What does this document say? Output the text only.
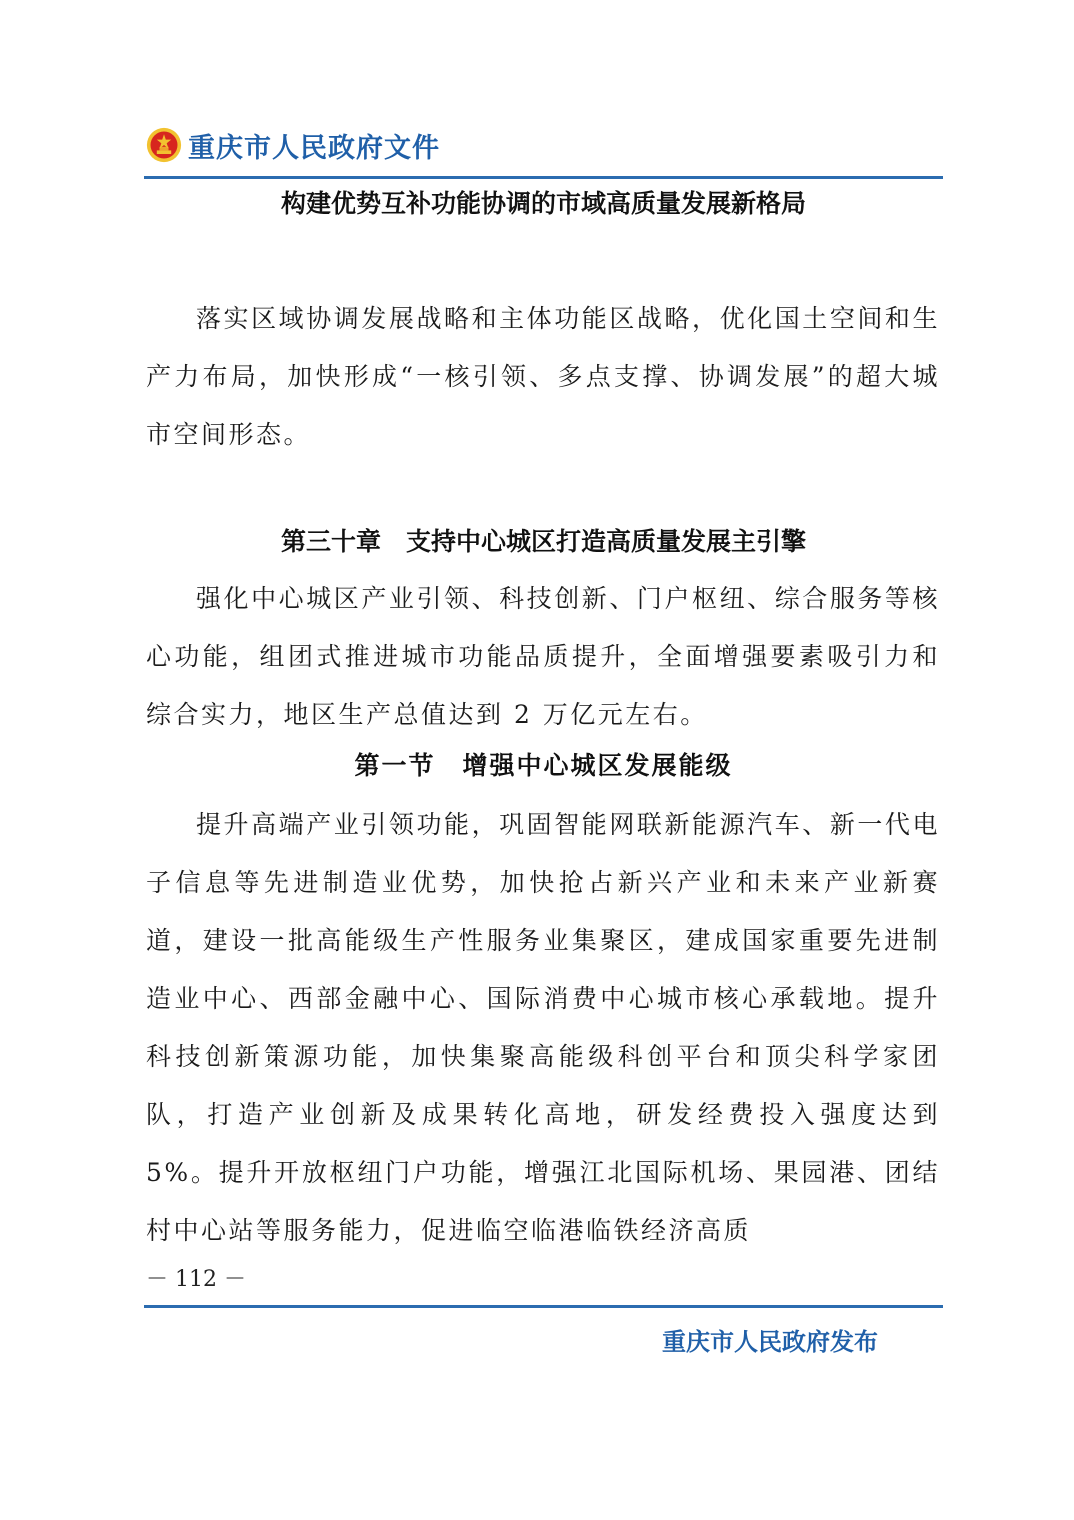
重庆市人民政府文件
构建优势互补功能协调的市域高质量发展新格局

落实区域协调发展战略和主体功能区战略，优化国土空间和生产力布局，加快形成“一核引领、多点支撑、协调发展”的超大城市空间形态。

第三十章　支持中心城区打造高质量发展主引擎

强化中心城区产业引领、科技创新、门户枢纽、综合服务等核心功能，组团式推进城市功能品质提升，全面增强要素吸引力和综合实力，地区生产总值达到 2 万亿元左右。

第一节　增强中心城区发展能级

提升高端产业引领功能，巩固智能网联新能源汽车、新一代电子信息等先进制造业优势，加快抢占新兴产业和未来产业新赛道，建设一批高能级生产性服务业集聚区，建成国家重要先进制造业中心、西部金融中心、国际消费中心城市核心承载地。提升科技创新策源功能，加快集聚高能级科创平台和顶尖科学家团队，打造产业创新及成果转化高地，研发经费投入强度达到 5%。提升开放枢纽门户功能，增强江北国际机场、果园港、团结村中心站等服务能力，促进临空临港临铁经济高质

－ 112 －
重庆市人民政府发布
